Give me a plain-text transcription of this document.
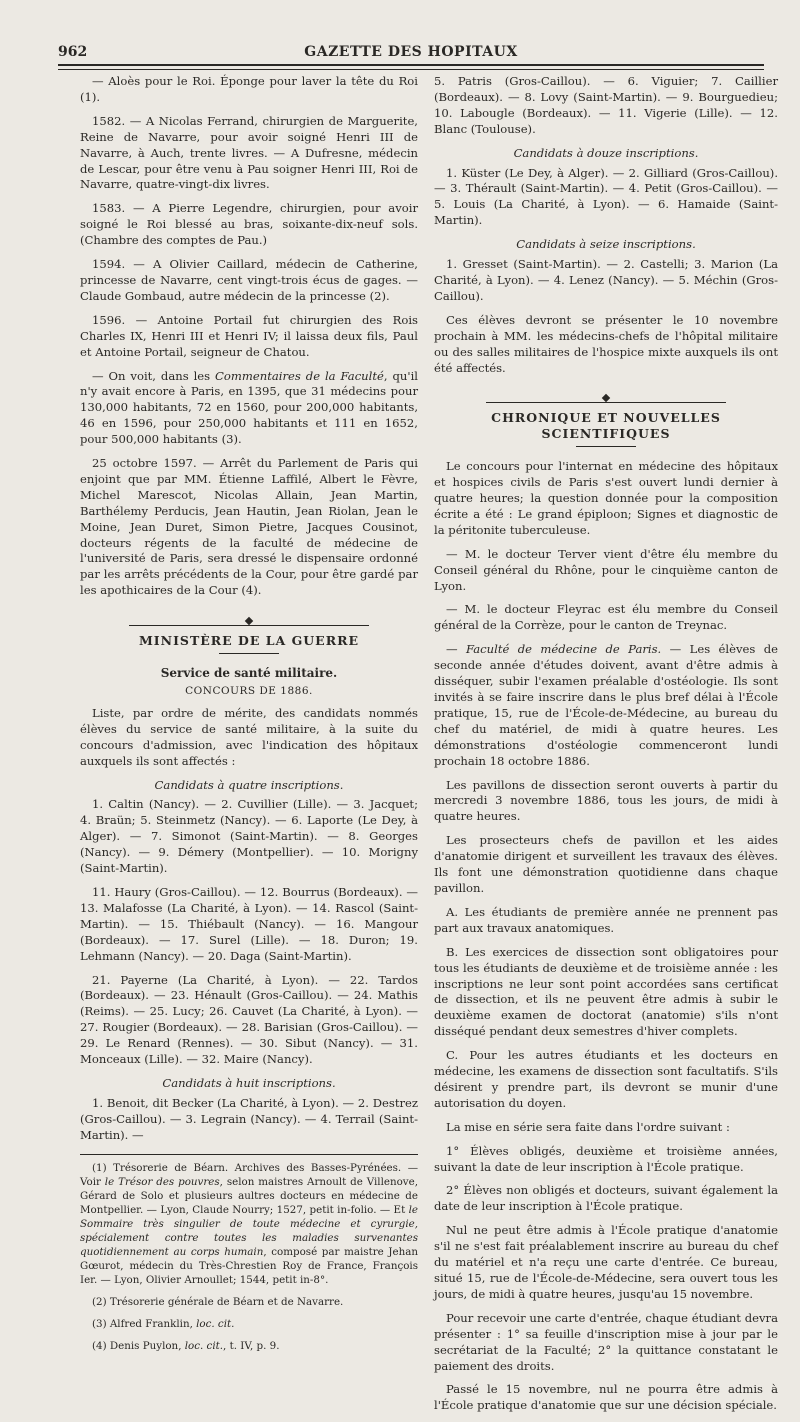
962	GAZETTE DES HOPITAUX

— Aloès pour le Roi. Éponge pour laver la tête du Roi (1).

1582. — A Nicolas Ferrand, chirurgien de Marguerite, Reine de Navarre, pour avoir soigné Henri III de Navarre, à Auch, trente livres. — A Dufresne, médecin de Lescar, pour être venu à Pau soigner Henri III, Roi de Navarre, quatre-vingt-dix livres.

1583. — A Pierre Legendre, chirurgien, pour avoir soigné le Roi blessé au bras, soixante-dix-neuf sols. (Chambre des comptes de Pau.)

1594. — A Olivier Caillard, médecin de Catherine, princesse de Navarre, cent vingt-trois écus de gages. — Claude Gombaud, autre médecin de la princesse (2).

1596. — Antoine Portail fut chirurgien des Rois Charles IX, Henri III et Henri IV; il laissa deux fils, Paul et Antoine Portail, seigneur de Chatou.

— On voit, dans les Commentaires de la Faculté, qu'il n'y avait encore à Paris, en 1395, que 31 médecins pour 130,000 habitants, 72 en 1560, pour 200,000 habitants, 46 en 1596, pour 250,000 habitants et 111 en 1652, pour 500,000 habitants (3).

25 octobre 1597. — Arrêt du Parlement de Paris qui enjoint que par MM. Étienne Laffilé, Albert le Fèvre, Michel Marescot, Nicolas Allain, Jean Martin, Barthélemy Perducis, Jean Hautin, Jean Riolan, Jean le Moine, Jean Duret, Simon Pietre, Jacques Cousinot, docteurs régents de la faculté de médecine de l'université de Paris, sera dressé le dispensaire ordonné par les arrêts précédents de la Cour, pour être gardé par les apothicaires de la Cour (4).

MINISTÈRE DE LA GUERRE
Service de santé militaire.
CONCOURS DE 1886.

Liste, par ordre de mérite, des candidats nommés élèves du service de santé militaire, à la suite du concours d'admission, avec l'indication des hôpitaux auxquels ils sont affectés :

Candidats à quatre inscriptions.

1. Caltin (Nancy). — 2. Cuvillier (Lille). — 3. Jacquet; 4. Braün; 5. Steinmetz (Nancy). — 6. Laporte (Le Dey, à Alger). — 7. Simonot (Saint-Martin). — 8. Georges (Nancy). — 9. Démery (Montpellier). — 10. Morigny (Saint-Martin).

11. Haury (Gros-Caillou). — 12. Bourrus (Bordeaux). — 13. Malafosse (La Charité, à Lyon). — 14. Rascol (Saint-Martin). — 15. Thiébault (Nancy). — 16. Mangour (Bordeaux). — 17. Surel (Lille). — 18. Duron; 19. Lehmann (Nancy). — 20. Daga (Saint-Martin).

21. Payerne (La Charité, à Lyon). — 22. Tardos (Bordeaux). — 23. Hénault (Gros-Caillou). — 24. Mathis (Reims). — 25. Lucy; 26. Cauvet (La Charité, à Lyon). — 27. Rougier (Bordeaux). — 28. Barisian (Gros-Caillou). — 29. Le Renard (Rennes). — 30. Sibut (Nancy). — 31. Monceaux (Lille). — 32. Maire (Nancy).

Candidats à huit inscriptions.

1. Benoit, dit Becker (La Charité, à Lyon). — 2. Destrez (Gros-Caillou). — 3. Legrain (Nancy). — 4. Terrail (Saint-Martin). —

(1) Trésorerie de Béarn. Archives des Basses-Pyrénées. — Voir le Trésor des pouvres, selon maistres Arnoult de Villenove, Gérard de Solo et plusieurs aultres docteurs en médecine de Montpellier. — Lyon, Claude Nourry; 1527, petit in-folio. — Et le Sommaire très singulier de toute médecine et cyrurgie, spécialement contre toutes les maladies survenantes quotidiennement au corps humain, composé par maistre Jehan Gœurot, médecin du Très-Chrestien Roy de France, François Ier. — Lyon, Olivier Arnoullet; 1544, petit in-8°.

(2) Trésorerie générale de Béarn et de Navarre.

(3) Alfred Franklin, loc. cit.

(4) Denis Puylon, loc. cit., t. IV, p. 9.

5. Patris (Gros-Caillou). — 6. Viguier; 7. Caillier (Bordeaux). — 8. Lovy (Saint-Martin). — 9. Bourguedieu; 10. Labougle (Bordeaux). — 11. Vigerie (Lille). — 12. Blanc (Toulouse).

Candidats à douze inscriptions.

1. Küster (Le Dey, à Alger). — 2. Gilliard (Gros-Caillou). — 3. Thérault (Saint-Martin). — 4. Petit (Gros-Caillou). — 5. Louis (La Charité, à Lyon). — 6. Hamaide (Saint-Martin).

Candidats à seize inscriptions.

1. Gresset (Saint-Martin). — 2. Castelli; 3. Marion (La Charité, à Lyon). — 4. Lenez (Nancy). — 5. Méchin (Gros-Caillou).

Ces élèves devront se présenter le 10 novembre prochain à MM. les médecins-chefs de l'hôpital militaire ou des salles militaires de l'hospice mixte auxquels ils ont été affectés.

CHRONIQUE ET NOUVELLES SCIENTIFIQUES

Le concours pour l'internat en médecine des hôpitaux et hospices civils de Paris s'est ouvert lundi dernier à quatre heures; la question donnée pour la composition écrite a été : Le grand épiploon; Signes et diagnostic de la péritonite tuberculeuse.

— M. le docteur Terver vient d'être élu membre du Conseil général du Rhône, pour le cinquième canton de Lyon.

— M. le docteur Fleyrac est élu membre du Conseil général de la Corrèze, pour le canton de Treynac.

— Faculté de médecine de Paris. — Les élèves de seconde année d'études doivent, avant d'être admis à disséquer, subir l'examen préalable d'ostéologie. Ils sont invités à se faire inscrire dans le plus bref délai à l'École pratique, 15, rue de l'École-de-Médecine, au bureau du chef du matériel, de midi à quatre heures. Les démonstrations d'ostéologie commenceront lundi prochain 18 octobre 1886.

Les pavillons de dissection seront ouverts à partir du mercredi 3 novembre 1886, tous les jours, de midi à quatre heures.

Les prosecteurs chefs de pavillon et les aides d'anatomie dirigent et surveillent les travaux des élèves. Ils font une démonstration quotidienne dans chaque pavillon.

A. Les étudiants de première année ne prennent pas part aux travaux anatomiques.

B. Les exercices de dissection sont obligatoires pour tous les étudiants de deuxième et de troisième année : les inscriptions ne leur sont point accordées sans certificat de dissection, et ils ne peuvent être admis à subir le deuxième examen de doctorat (anatomie) s'ils n'ont disséqué pendant deux semestres d'hiver complets.

C. Pour les autres étudiants et les docteurs en médecine, les examens de dissection sont facultatifs. S'ils désirent y prendre part, ils devront se munir d'une autorisation du doyen.

La mise en série sera faite dans l'ordre suivant :

1° Élèves obligés, deuxième et troisième années, suivant la date de leur inscription à l'École pratique.

2° Élèves non obligés et docteurs, suivant également la date de leur inscription à l'École pratique.

Nul ne peut être admis à l'École pratique d'anatomie s'il ne s'est fait préalablement inscrire au bureau du chef du matériel et n'a reçu une carte d'entrée. Ce bureau, situé 15, rue de l'École-de-Médecine, sera ouvert tous les jours, de midi à quatre heures, jusqu'au 15 novembre.

Pour recevoir une carte d'entrée, chaque étudiant devra présenter : 1° sa feuille d'inscription mise à jour par le secrétariat de la Faculté; 2° la quittance constatant le paiement des droits.

Passé le 15 novembre, nul ne pourra être admis à l'École pratique d'anatomie que sur une décision spéciale.
